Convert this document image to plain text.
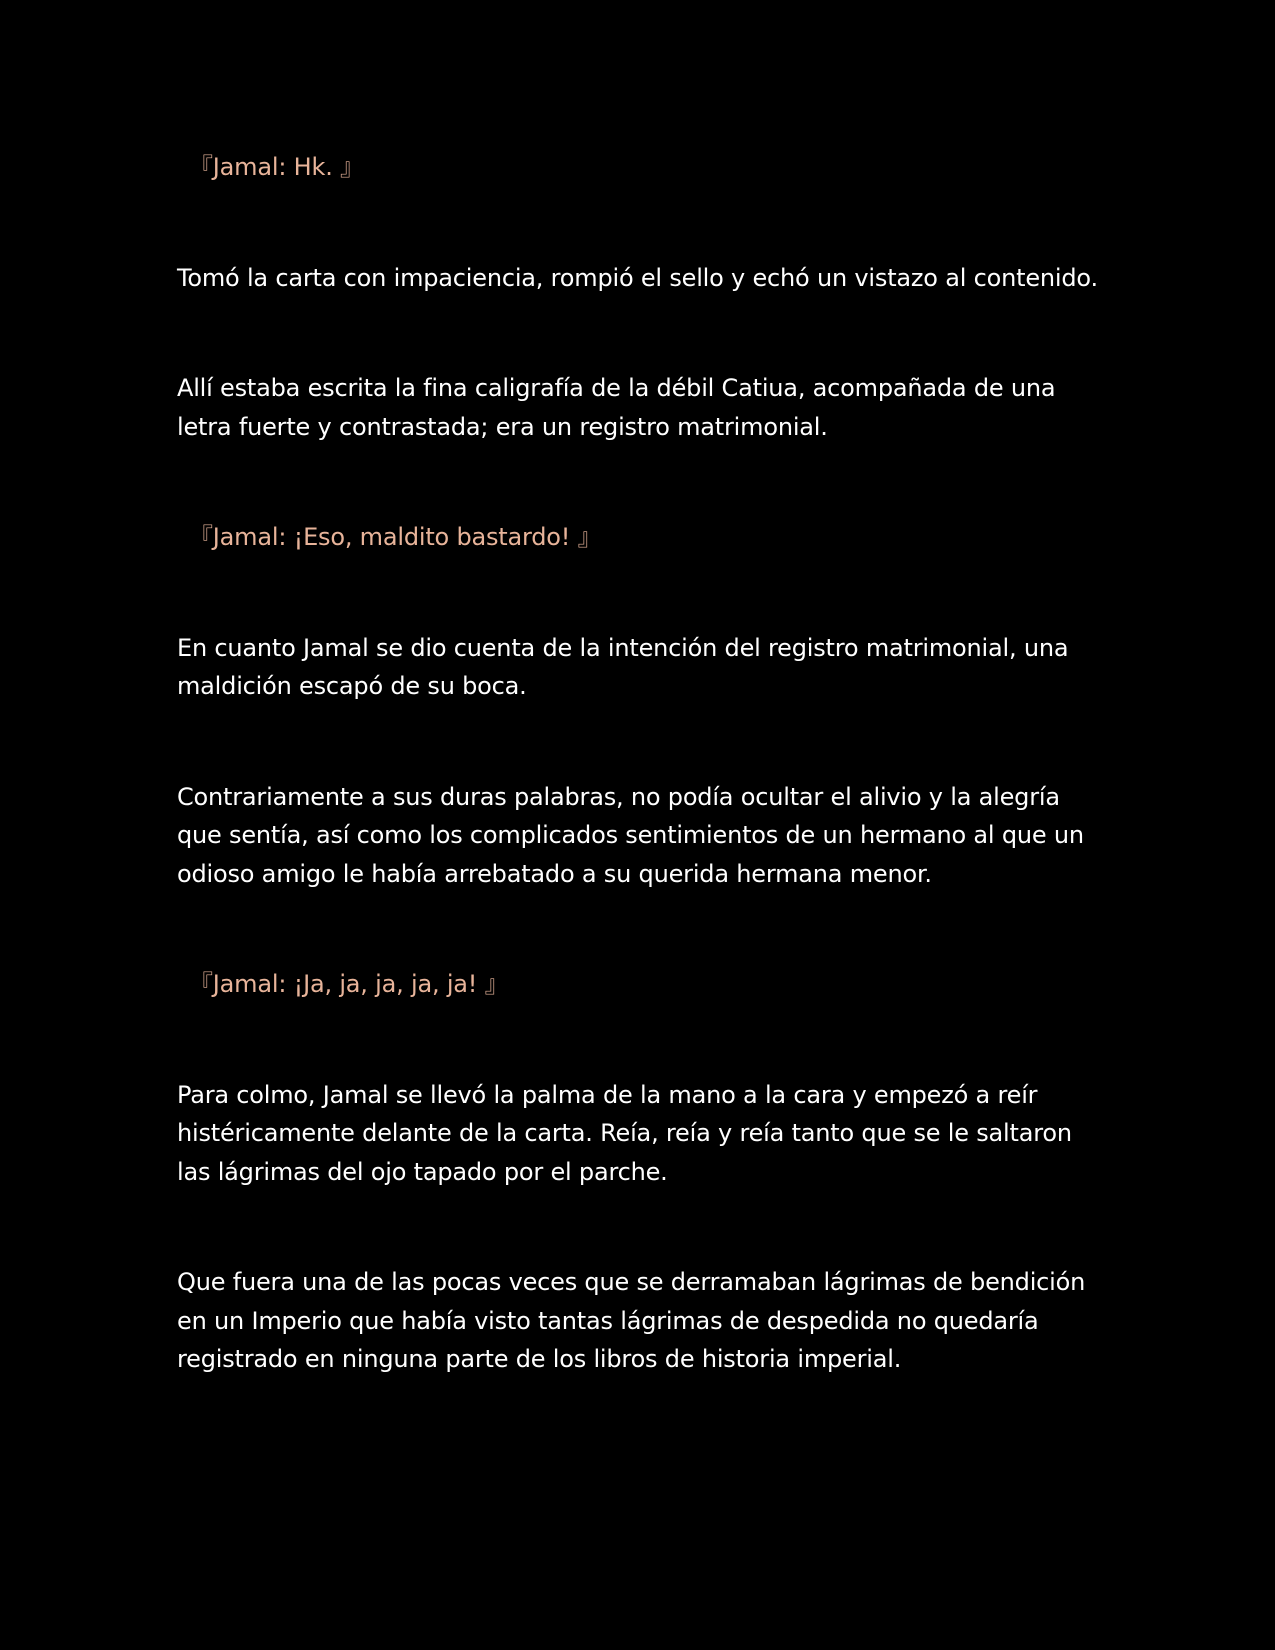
『Jamal: Hk. 』

Tomó la carta con impaciencia, rompió el sello y echó un vistazo al contenido.

Allí estaba escrita la fina caligrafía de la débil Catiua, acompañada de una letra fuerte y contrastada; era un registro matrimonial.

『Jamal: ¡Eso, maldito bastardo! 』

En cuanto Jamal se dio cuenta de la intención del registro matrimonial, una maldición escapó de su boca.

Contrariamente a sus duras palabras, no podía ocultar el alivio y la alegría que sentía, así como los complicados sentimientos de un hermano al que un odioso amigo le había arrebatado a su querida hermana menor.

『Jamal: ¡Ja, ja, ja, ja, ja! 』

Para colmo, Jamal se llevó la palma de la mano a la cara y empezó a reír histéricamente delante de la carta. Reía, reía y reía tanto que se le saltaron las lágrimas del ojo tapado por el parche.

Que fuera una de las pocas veces que se derramaban lágrimas de bendición en un Imperio que había visto tantas lágrimas de despedida no quedaría registrado en ninguna parte de los libros de historia imperial.
